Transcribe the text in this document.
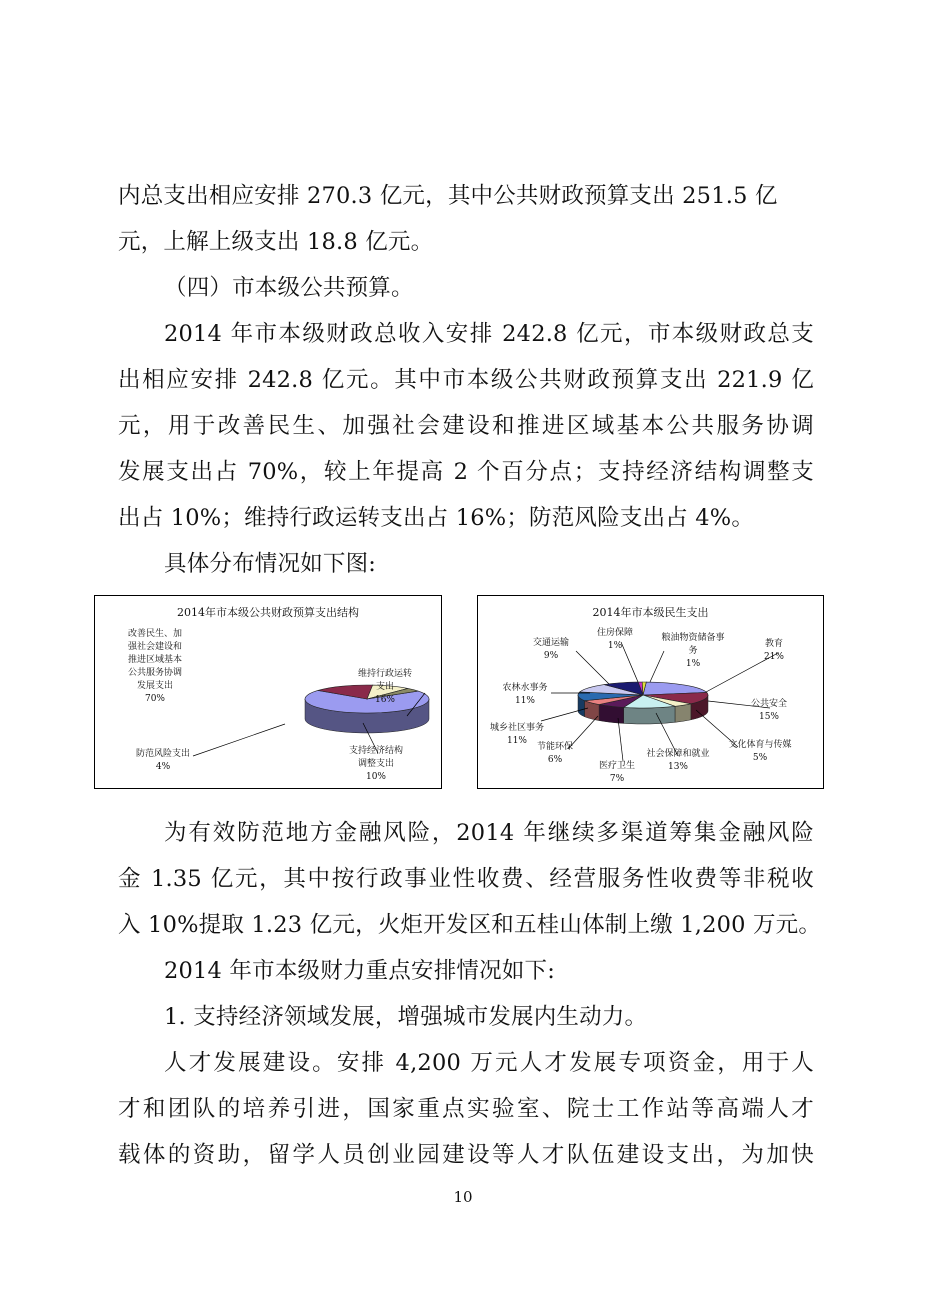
内总支出相应安排 270.3 亿元，其中公共财政预算支出 251.5 亿
元，上解上级支出 18.8 亿元。
（四）市本级公共预算。
2014 年市本级财政总收入安排 242.8 亿元，市本级财政总支
出相应安排 242.8 亿元。其中市本级公共财政预算支出 221.9 亿
元，用于改善民生、加强社会建设和推进区域基本公共服务协调
发展支出占 70%，较上年提高 2 个百分点；支持经济结构调整支
出占 10%；维持行政运转支出占 16%；防范风险支出占 4%。
具体分布情况如下图:
2014年市本级公共财政预算支出结构
改善民生、加强社会建设和推进区域基本公共服务协调发展支出 70%
维持行政运转支出 16%
支持经济结构调整支出 10%
防范风险支出 4%
2014年市本级民生支出
教育 21%
公共安全 15%
文化体育与传媒 5%
社会保障和就业 13%
医疗卫生 7%
节能环保 6%
城乡社区事务 11%
农林水事务 11%
交通运输 9%
住房保障 1%
粮油物资储备事务 1%
为有效防范地方金融风险，2014 年继续多渠道筹集金融风险
金 1.35 亿元，其中按行政事业性收费、经营服务性收费等非税收
入 10%提取 1.23 亿元，火炬开发区和五桂山体制上缴 1,200 万元。
2014 年市本级财力重点安排情况如下:
1. 支持经济领域发展，增强城市发展内生动力。
人才发展建设。安排 4,200 万元人才发展专项资金，用于人
才和团队的培养引进，国家重点实验室、院士工作站等高端人才
载体的资助，留学人员创业园建设等人才队伍建设支出，为加快
10
